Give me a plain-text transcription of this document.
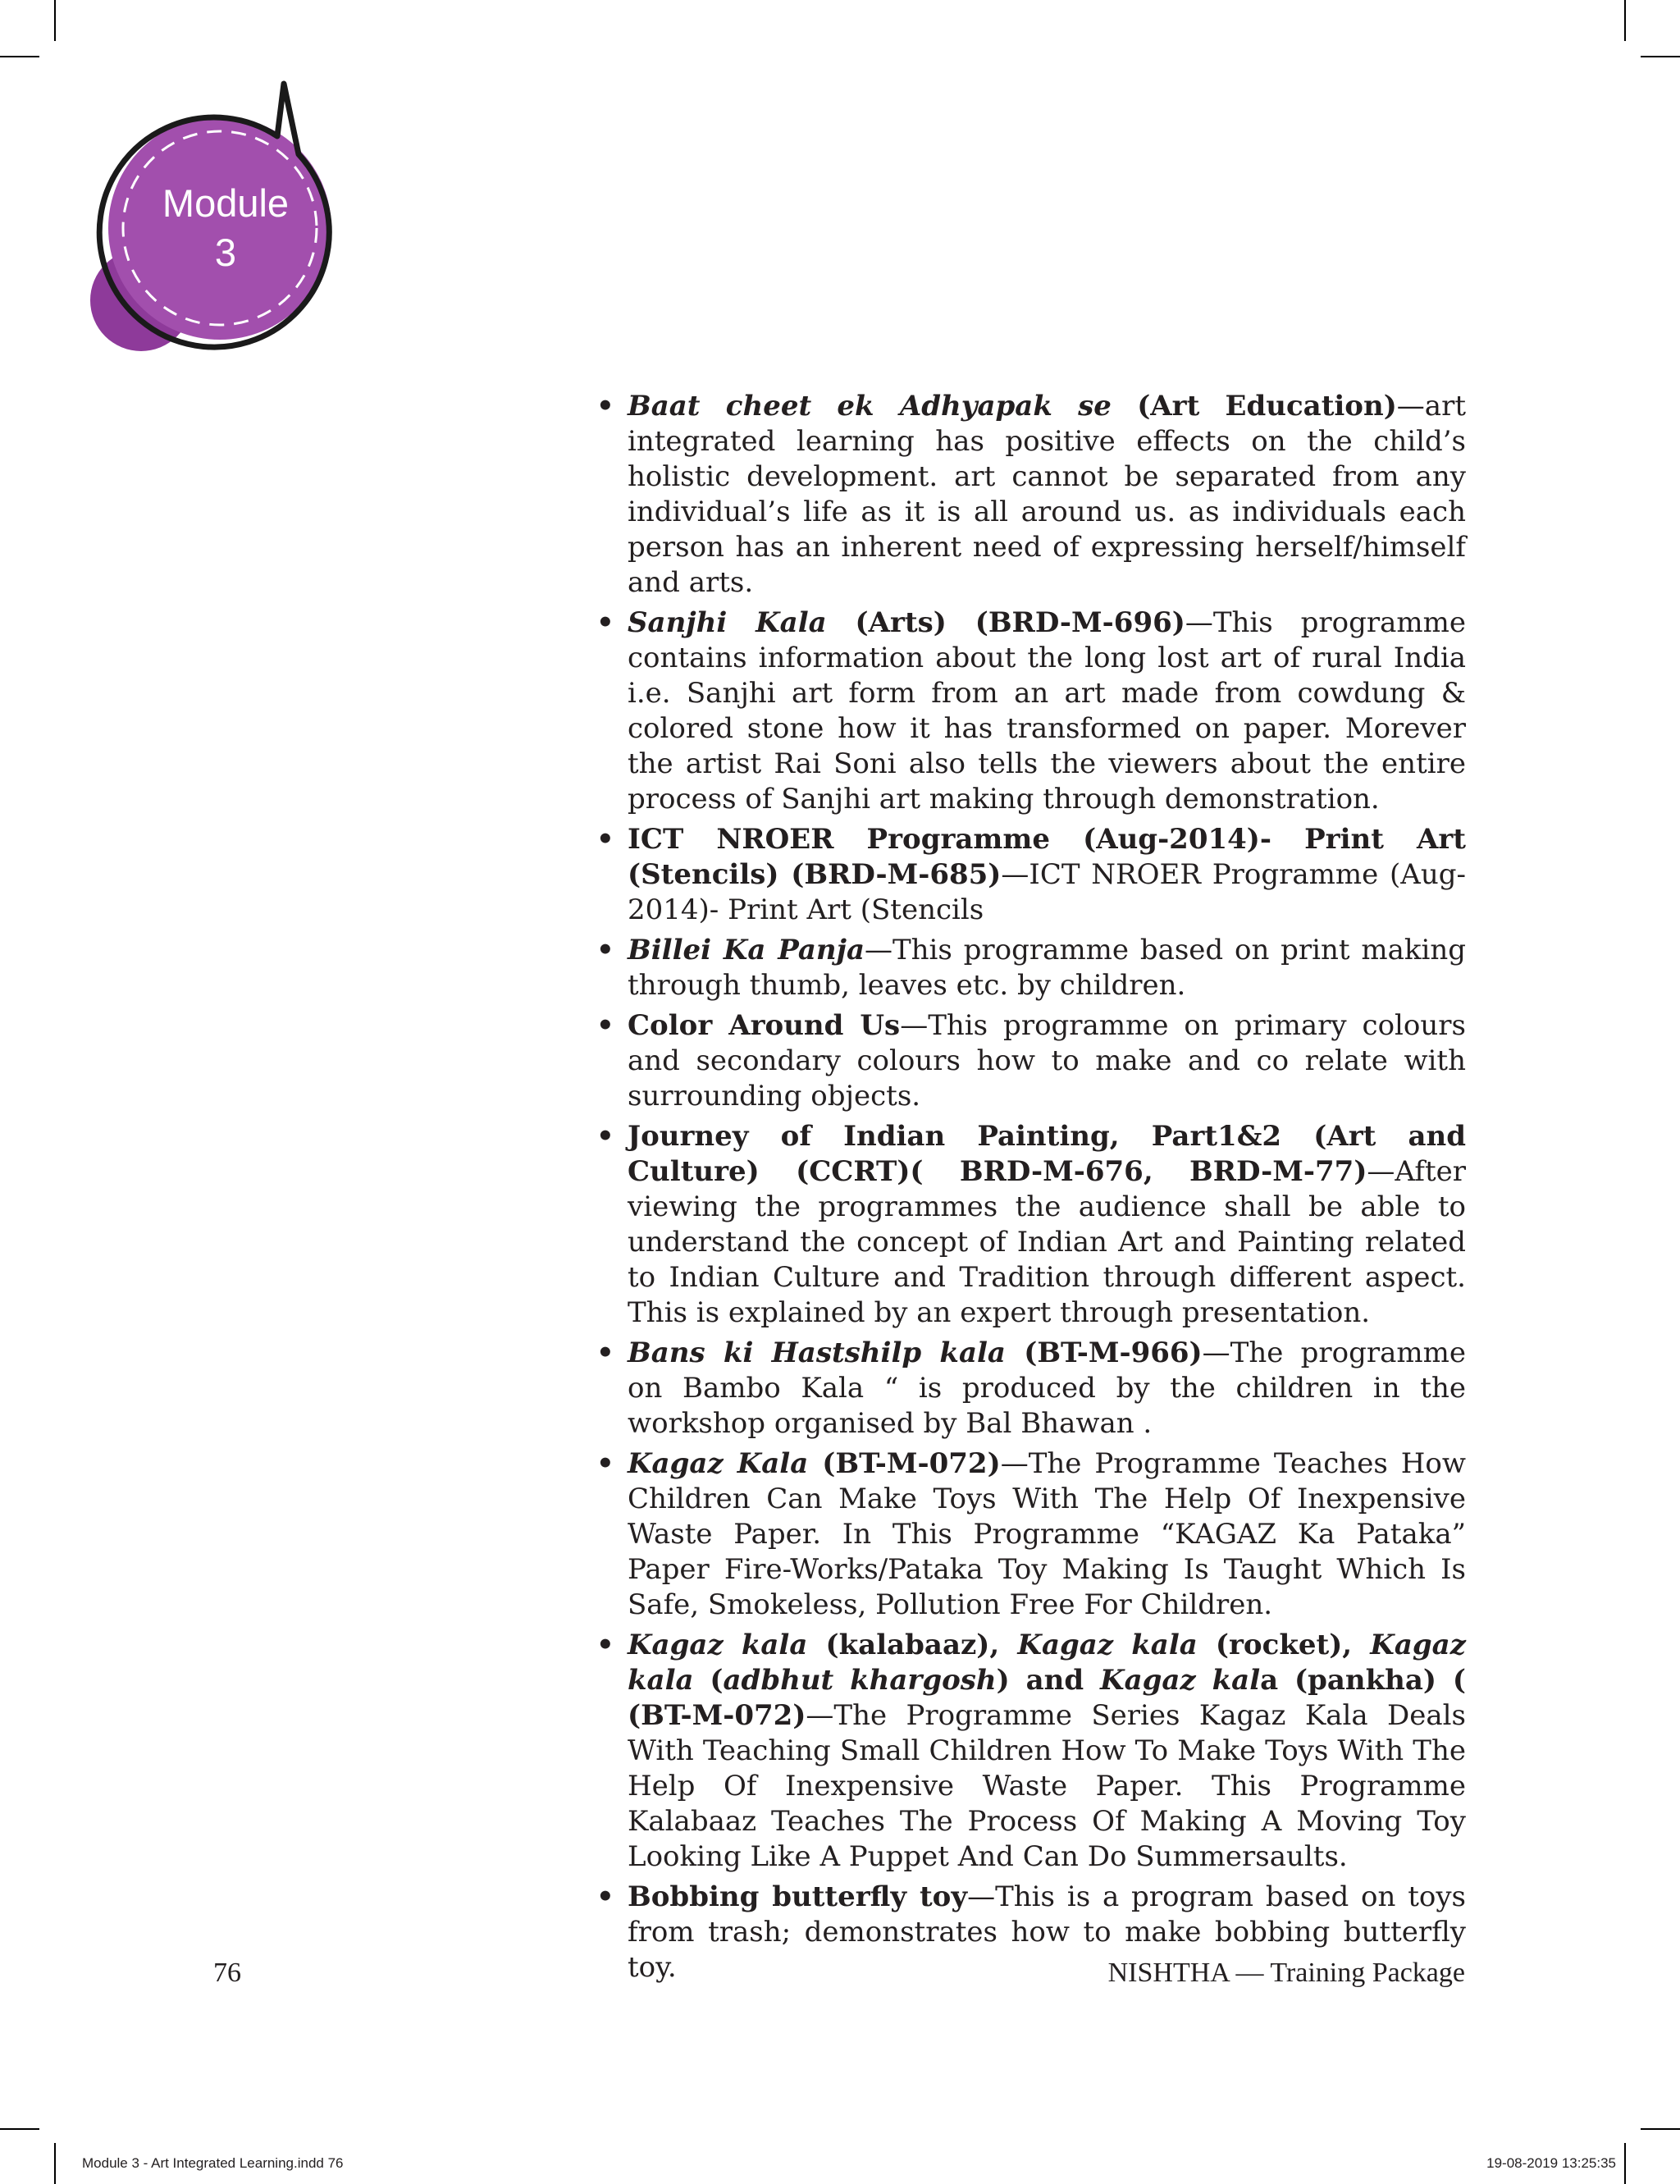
Module
3
• Baat cheet ek Adhyapak se (Art Education)—art integrated learning has positive effects on the child’s holistic development. art cannot be separated from any individual’s life as it is all around us. as individuals each person has an inherent need of expressing herself/himself and arts.
• Sanjhi Kala (Arts) (BRD-M-696)—This programme contains information about the long lost art of rural India i.e. Sanjhi art form from an art made from cowdung & colored stone how it has transformed on paper. Morever the artist Rai Soni also tells the viewers about the entire process of Sanjhi art making through demonstration.
• ICT NROER Programme (Aug-2014)- Print Art (Stencils) (BRD-M-685)—ICT NROER Programme (Aug-2014)- Print Art (Stencils
• Billei Ka Panja—This programme based on print making through thumb, leaves etc. by children.
• Color Around Us—This programme on primary colours and secondary colours how to make and co relate with surrounding objects.
• Journey of Indian Painting, Part1&2 (Art and Culture) (CCRT)( BRD-M-676, BRD-M-77)—After viewing the programmes the audience shall be able to understand the concept of Indian Art and Painting related to Indian Culture and Tradition through different aspect. This is explained by an expert through presentation.
• Bans ki Hastshilp kala (BT-M-966)—The programme on Bambo Kala “ is produced by the children in the workshop organised by Bal Bhawan .
• Kagaz Kala (BT-M-072)—The Programme Teaches How Children Can Make Toys With The Help Of Inexpensive Waste Paper. In This Programme “KAGAZ Ka Pataka” Paper Fire-Works/Pataka Toy Making Is Taught Which Is Safe, Smokeless, Pollution Free For Children.
• Kagaz kala (kalabaaz), Kagaz kala (rocket), Kagaz kala (adbhut khargosh) and Kagaz kala (pankha) ( (BT-M-072)—The Programme Series Kagaz Kala Deals With Teaching Small Children How To Make Toys With The Help Of Inexpensive Waste Paper. This Programme Kalabaaz Teaches The Process Of Making A Moving Toy Looking Like A Puppet And Can Do Summersaults.
• Bobbing butterfly toy—This is a program based on toys from trash; demonstrates how to make bobbing butterfly toy.
76	NISHTHA — Training Package
Module 3 - Art Integrated Learning.indd 76	19-08-2019 13:25:35
